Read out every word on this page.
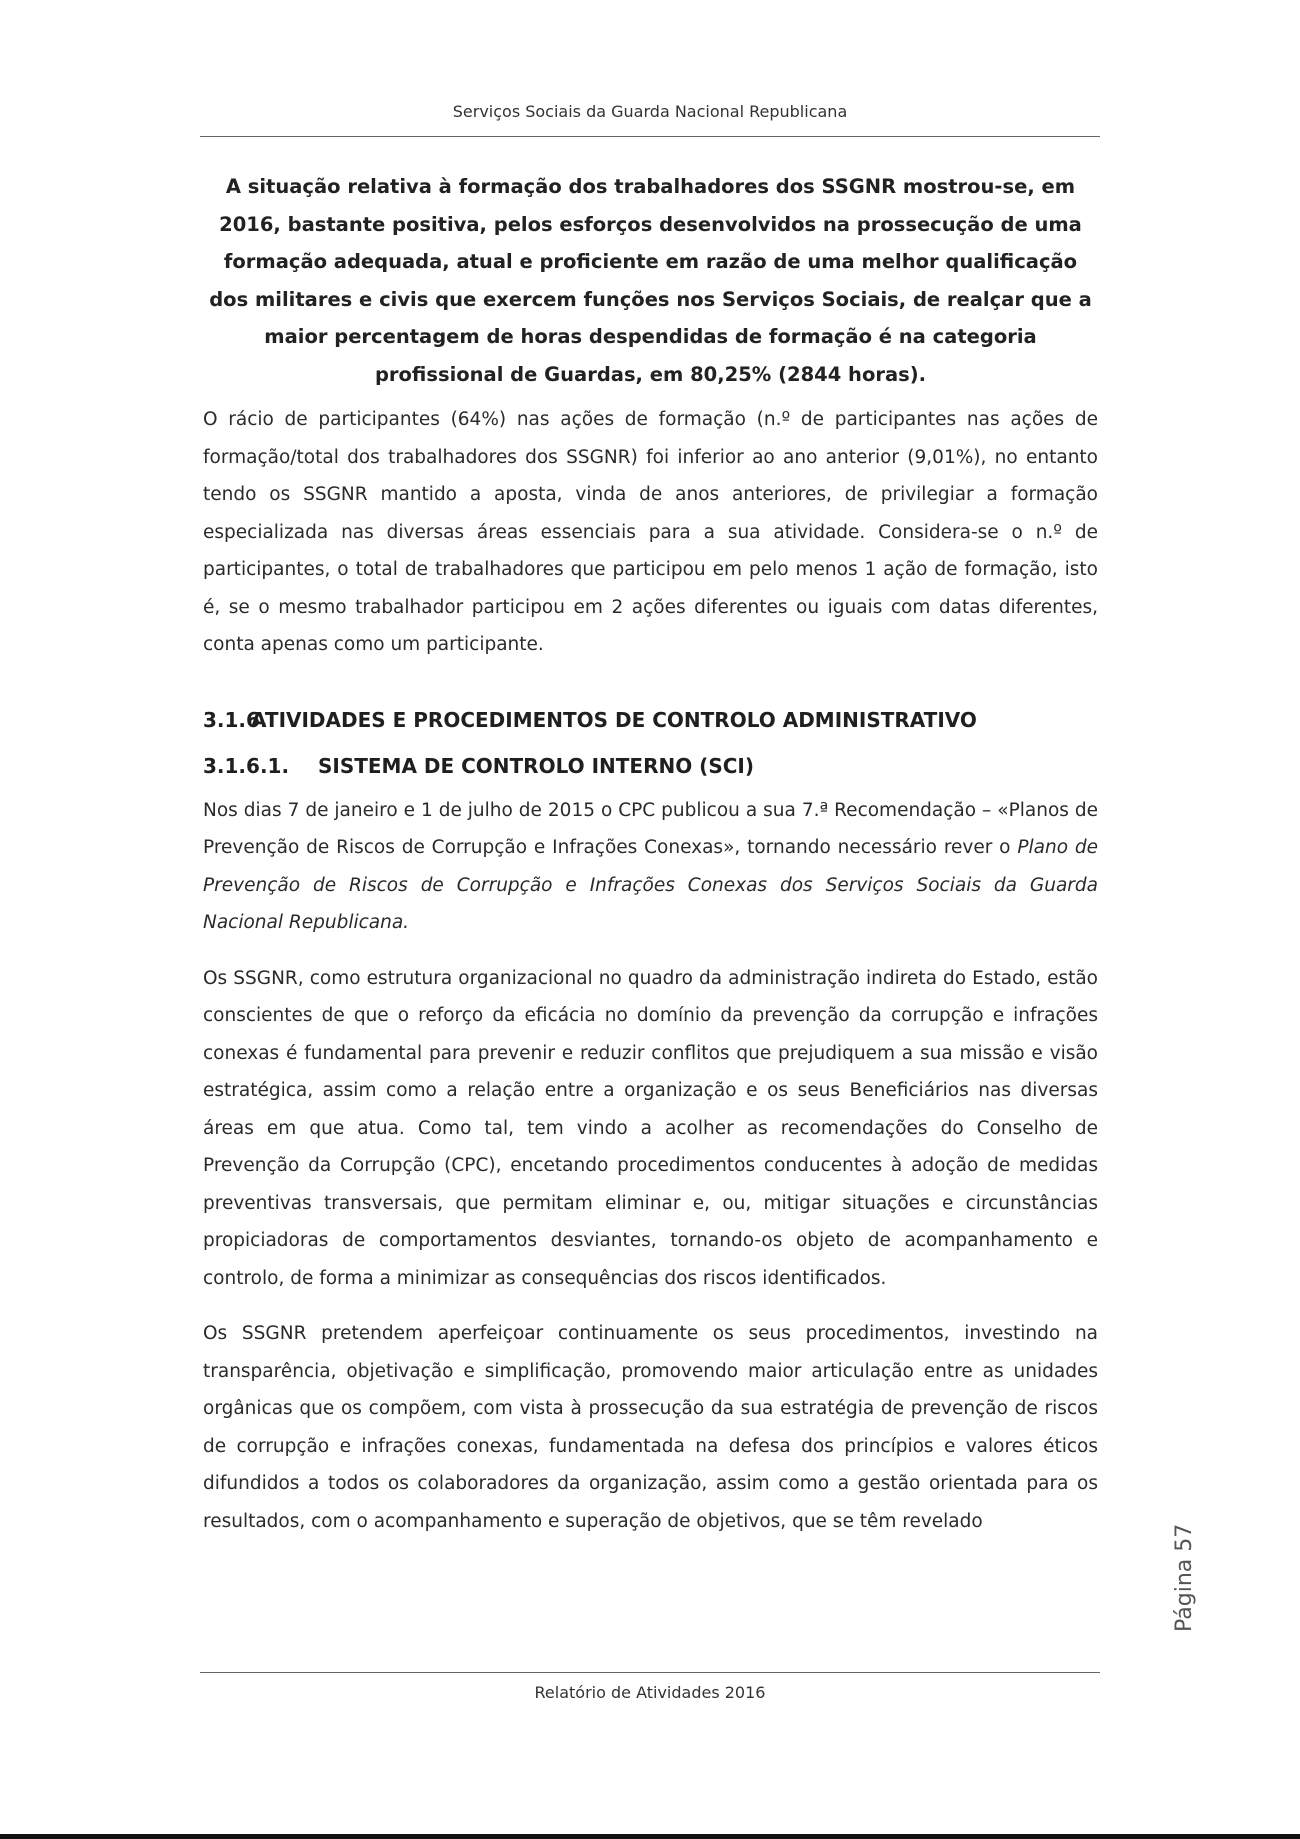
Serviços Sociais da Guarda Nacional Republicana
A situação relativa à formação dos trabalhadores dos SSGNR mostrou-se, em 2016, bastante positiva, pelos esforços desenvolvidos na prossecução de uma formação adequada, atual e proficiente em razão de uma melhor qualificação dos militares e civis que exercem funções nos Serviços Sociais, de realçar que a maior percentagem de horas despendidas de formação é na categoria profissional de Guardas, em 80,25% (2844 horas).

O rácio de participantes (64%) nas ações de formação (n.º de participantes nas ações de formação/total dos trabalhadores dos SSGNR) foi inferior ao ano anterior (9,01%), no entanto tendo os SSGNR mantido a aposta, vinda de anos anteriores, de privilegiar a formação especializada nas diversas áreas essenciais para a sua atividade. Considera-se o n.º de participantes, o total de trabalhadores que participou em pelo menos 1 ação de formação, isto é, se o mesmo trabalhador participou em 2 ações diferentes ou iguais com datas diferentes, conta apenas como um participante.

3.1.6.
ATIVIDADES E PROCEDIMENTOS DE CONTROLO ADMINISTRATIVO
3.1.6.1.	SISTEMA DE CONTROLO INTERNO (SCI)

Nos dias 7 de janeiro e 1 de julho de 2015 o CPC publicou a sua 7.ª Recomendação – «Planos de Prevenção de Riscos de Corrupção e Infrações Conexas», tornando necessário rever o Plano de Prevenção de Riscos de Corrupção e Infrações Conexas dos Serviços Sociais da Guarda Nacional Republicana.

Os SSGNR, como estrutura organizacional no quadro da administração indireta do Estado, estão conscientes de que o reforço da eficácia no domínio da prevenção da corrupção e infrações conexas é fundamental para prevenir e reduzir conflitos que prejudiquem a sua missão e visão estratégica, assim como a relação entre a organização e os seus Beneficiários nas diversas áreas em que atua. Como tal, tem vindo a acolher as recomendações do Conselho de Prevenção da Corrupção (CPC), encetando procedimentos conducentes à adoção de medidas preventivas transversais, que permitam eliminar e, ou, mitigar situações e circunstâncias propiciadoras de comportamentos desviantes, tornando-os objeto de acompanhamento e controlo, de forma a minimizar as consequências dos riscos identificados.

Os SSGNR pretendem aperfeiçoar continuamente os seus procedimentos, investindo na transparência, objetivação e simplificação, promovendo maior articulação entre as unidades orgânicas que os compõem, com vista à prossecução da sua estratégia de prevenção de riscos de corrupção e infrações conexas, fundamentada na defesa dos princípios e valores éticos difundidos a todos os colaboradores da organização, assim como a gestão orientada para os resultados, com o acompanhamento e superação de objetivos, que se têm revelado

Página 57
Relatório de Atividades 2016
